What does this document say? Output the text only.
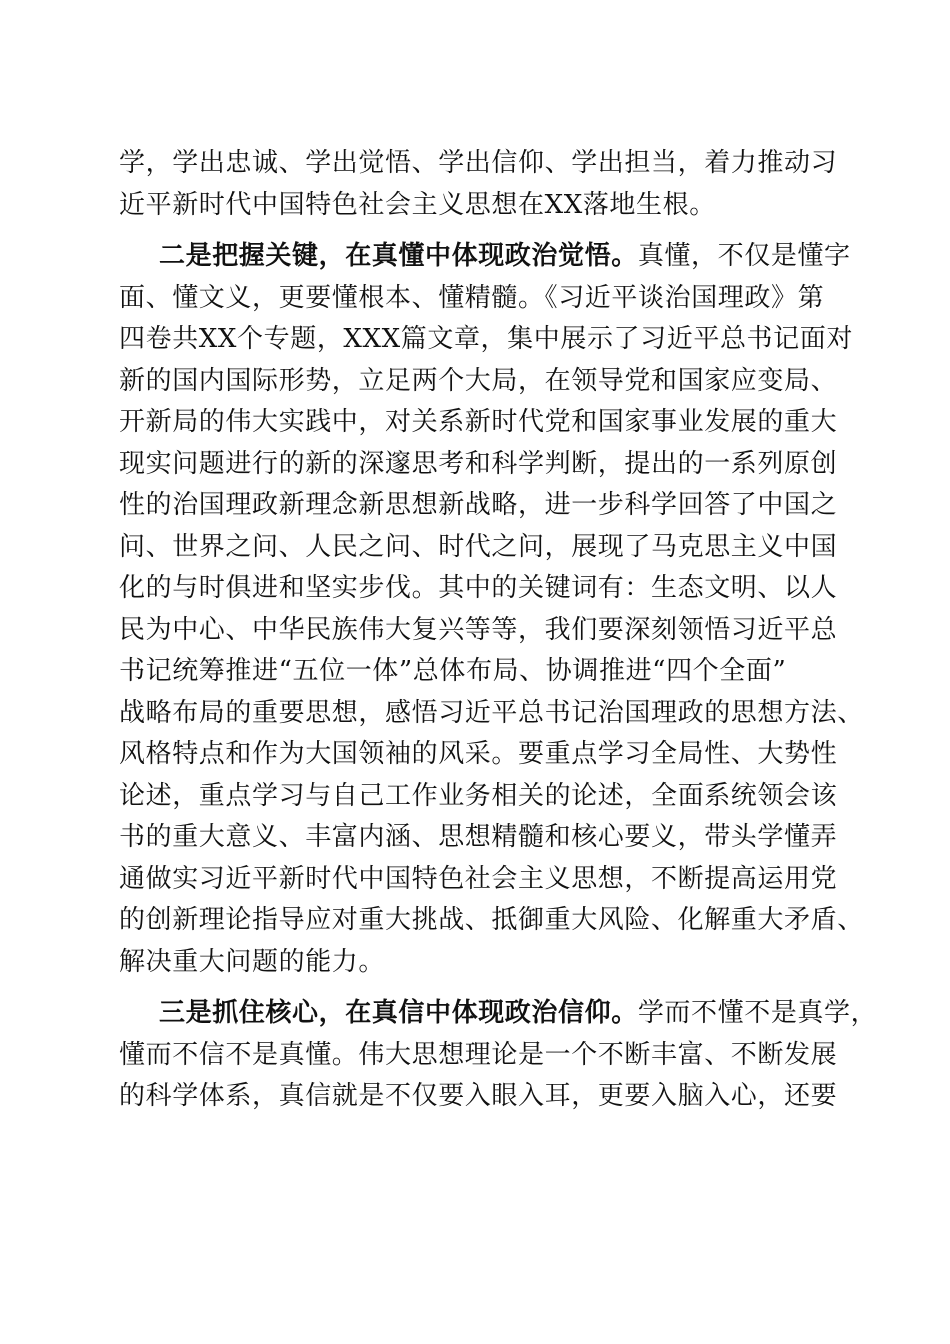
学，学出忠诚、学出觉悟、学出信仰、学出担当，着力推动习
近平新时代中国特色社会主义思想在XX落地生根。
二是把握关键，在真懂中体现政治觉悟。真懂，不仅是懂字
面、懂文义，更要懂根本、懂精髓。《习近平谈治国理政》第
四卷共XX个专题，XXX篇文章，集中展示了习近平总书记面对
新的国内国际形势，立足两个大局，在领导党和国家应变局、
开新局的伟大实践中，对关系新时代党和国家事业发展的重大
现实问题进行的新的深邃思考和科学判断，提出的一系列原创
性的治国理政新理念新思想新战略，进一步科学回答了中国之
问、世界之问、人民之问、时代之问，展现了马克思主义中国
化的与时俱进和坚实步伐。其中的关键词有：生态文明、以人
民为中心、中华民族伟大复兴等等，我们要深刻领悟习近平总
书记统筹推进“五位一体”总体布局、协调推进“四个全面”
战略布局的重要思想，感悟习近平总书记治国理政的思想方法、
风格特点和作为大国领袖的风采。要重点学习全局性、大势性
论述，重点学习与自己工作业务相关的论述，全面系统领会该
书的重大意义、丰富内涵、思想精髓和核心要义，带头学懂弄
通做实习近平新时代中国特色社会主义思想，不断提高运用党
的创新理论指导应对重大挑战、抵御重大风险、化解重大矛盾、
解决重大问题的能力。
三是抓住核心，在真信中体现政治信仰。学而不懂不是真学，
懂而不信不是真懂。伟大思想理论是一个不断丰富、不断发展
的科学体系，真信就是不仅要入眼入耳，更要入脑入心，还要
